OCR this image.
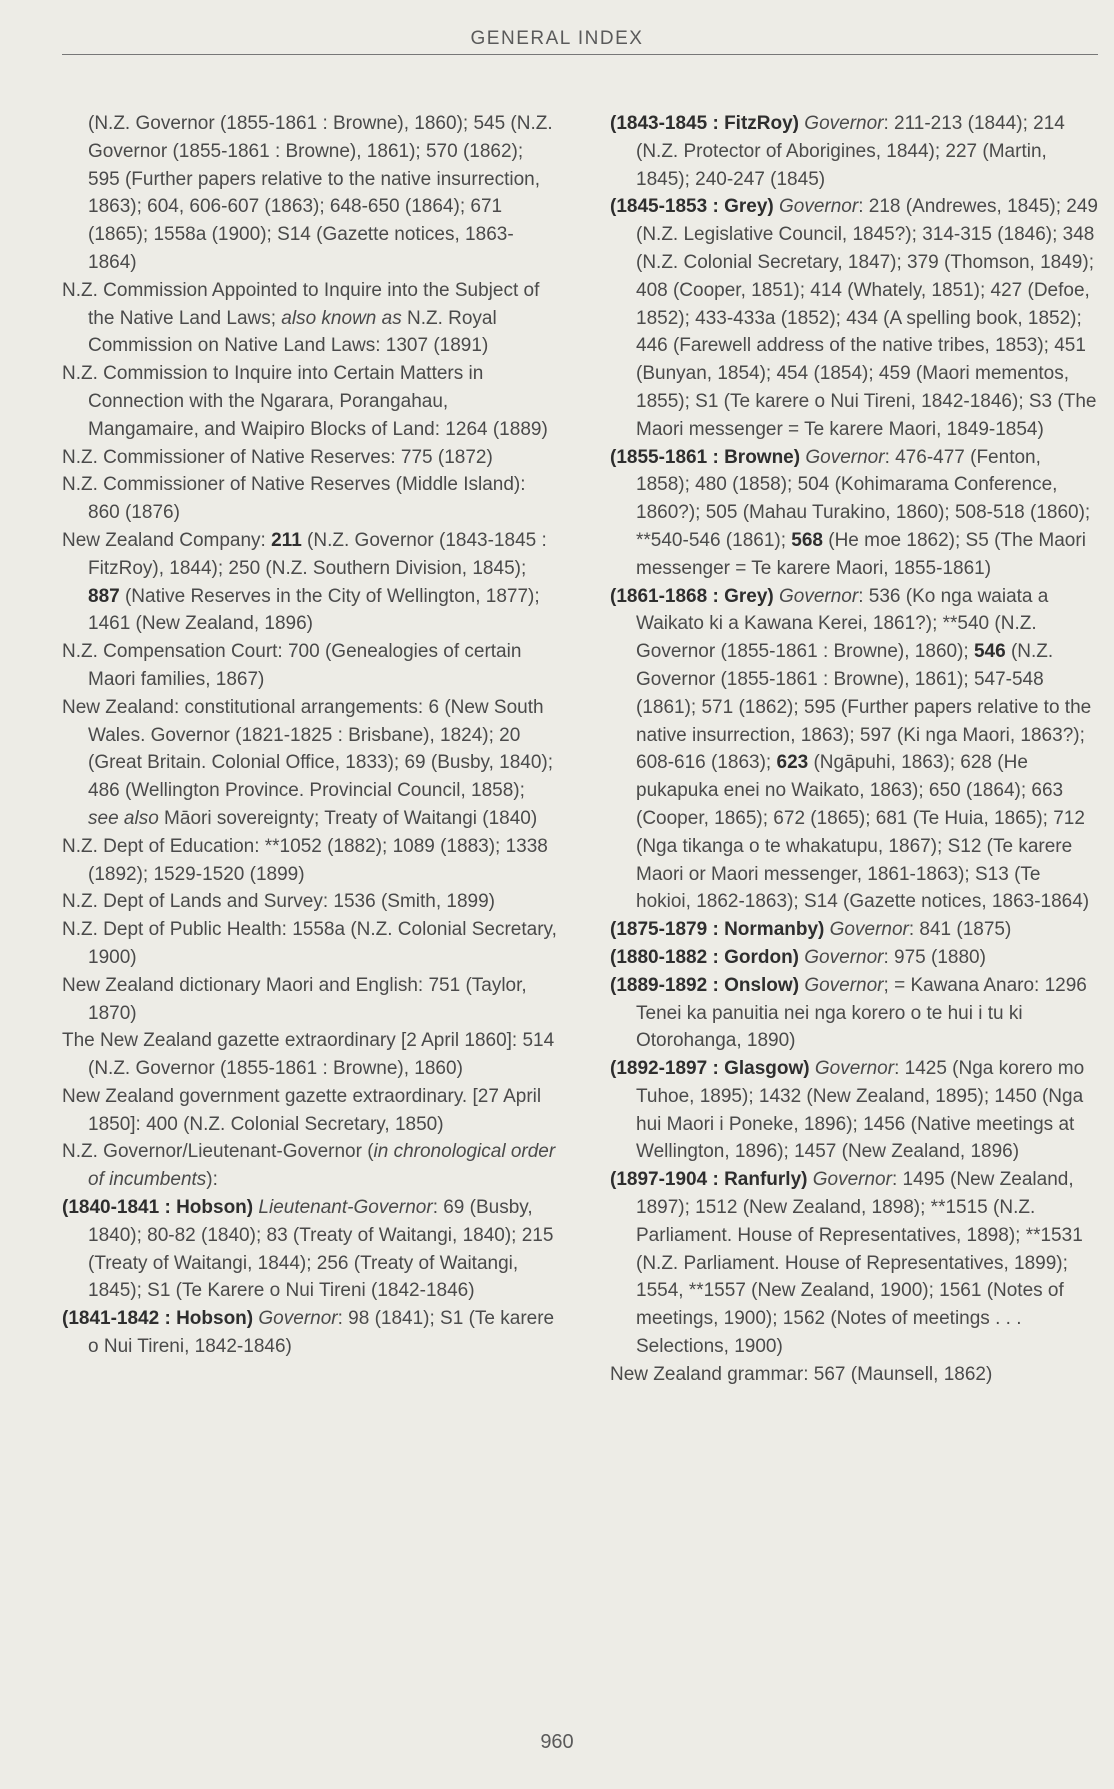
GENERAL INDEX

(N.Z. Governor (1855-1861 : Browne), 1860); 545 (N.Z. Governor (1855-1861 : Browne), 1861); 570 (1862); 595 (Further papers relative to the native insurrection, 1863); 604, 606-607 (1863); 648-650 (1864); 671 (1865); 1558a (1900); S14 (Gazette notices, 1863-1864)

N.Z. Commission Appointed to Inquire into the Subject of the Native Land Laws; also known as N.Z. Royal Commission on Native Land Laws: 1307 (1891)

N.Z. Commission to Inquire into Certain Matters in Connection with the Ngarara, Porangahau, Mangamaire, and Waipiro Blocks of Land: 1264 (1889)

N.Z. Commissioner of Native Reserves: 775 (1872)

N.Z. Commissioner of Native Reserves (Middle Island): 860 (1876)

New Zealand Company: 211 (N.Z. Governor (1843-1845 : FitzRoy), 1844); 250 (N.Z. Southern Division, 1845); 887 (Native Reserves in the City of Wellington, 1877); 1461 (New Zealand, 1896)

N.Z. Compensation Court: 700 (Genealogies of certain Maori families, 1867)

New Zealand: constitutional arrangements: 6 (New South Wales. Governor (1821-1825 : Brisbane), 1824); 20 (Great Britain. Colonial Office, 1833); 69 (Busby, 1840); 486 (Wellington Province. Provincial Council, 1858); see also Māori sovereignty; Treaty of Waitangi (1840)

N.Z. Dept of Education: **1052 (1882); 1089 (1883); 1338 (1892); 1529-1520 (1899)

N.Z. Dept of Lands and Survey: 1536 (Smith, 1899)

N.Z. Dept of Public Health: 1558a (N.Z. Colonial Secretary, 1900)

New Zealand dictionary Maori and English: 751 (Taylor, 1870)

The New Zealand gazette extraordinary [2 April 1860]: 514 (N.Z. Governor (1855-1861 : Browne), 1860)

New Zealand government gazette extraordinary. [27 April 1850]: 400 (N.Z. Colonial Secretary, 1850)

N.Z. Governor/Lieutenant-Governor (in chronological order of incumbents):

(1840-1841 : Hobson) Lieutenant-Governor: 69 (Busby, 1840); 80-82 (1840); 83 (Treaty of Waitangi, 1840); 215 (Treaty of Waitangi, 1844); 256 (Treaty of Waitangi, 1845); S1 (Te Karere o Nui Tireni (1842-1846)

(1841-1842 : Hobson) Governor: 98 (1841); S1 (Te karere o Nui Tireni, 1842-1846)

(1843-1845 : FitzRoy) Governor: 211-213 (1844); 214 (N.Z. Protector of Aborigines, 1844); 227 (Martin, 1845); 240-247 (1845)

(1845-1853 : Grey) Governor: 218 (Andrewes, 1845); 249 (N.Z. Legislative Council, 1845?); 314-315 (1846); 348 (N.Z. Colonial Secretary, 1847); 379 (Thomson, 1849); 408 (Cooper, 1851); 414 (Whately, 1851); 427 (Defoe, 1852); 433-433a (1852); 434 (A spelling book, 1852); 446 (Farewell address of the native tribes, 1853); 451 (Bunyan, 1854); 454 (1854); 459 (Maori mementos, 1855); S1 (Te karere o Nui Tireni, 1842-1846); S3 (The Maori messenger = Te karere Maori, 1849-1854)

(1855-1861 : Browne) Governor: 476-477 (Fenton, 1858); 480 (1858); 504 (Kohimarama Conference, 1860?); 505 (Mahau Turakino, 1860); 508-518 (1860); **540-546 (1861); 568 (He moe 1862); S5 (The Maori messenger = Te karere Maori, 1855-1861)

(1861-1868 : Grey) Governor: 536 (Ko nga waiata a Waikato ki a Kawana Kerei, 1861?); **540 (N.Z. Governor (1855-1861 : Browne), 1860); 546 (N.Z. Governor (1855-1861 : Browne), 1861); 547-548 (1861); 571 (1862); 595 (Further papers relative to the native insurrection, 1863); 597 (Ki nga Maori, 1863?); 608-616 (1863); 623 (Ngāpuhi, 1863); 628 (He pukapuka enei no Waikato, 1863); 650 (1864); 663 (Cooper, 1865); 672 (1865); 681 (Te Huia, 1865); 712 (Nga tikanga o te whakatupu, 1867); S12 (Te karere Maori or Maori messenger, 1861-1863); S13 (Te hokioi, 1862-1863); S14 (Gazette notices, 1863-1864)

(1875-1879 : Normanby) Governor: 841 (1875)

(1880-1882 : Gordon) Governor: 975 (1880)

(1889-1892 : Onslow) Governor; = Kawana Anaro: 1296 Tenei ka panuitia nei nga korero o te hui i tu ki Otorohanga, 1890)

(1892-1897 : Glasgow) Governor: 1425 (Nga korero mo Tuhoe, 1895); 1432 (New Zealand, 1895); 1450 (Nga hui Maori i Poneke, 1896); 1456 (Native meetings at Wellington, 1896); 1457 (New Zealand, 1896)

(1897-1904 : Ranfurly) Governor: 1495 (New Zealand, 1897); 1512 (New Zealand, 1898); **1515 (N.Z. Parliament. House of Representatives, 1898); **1531 (N.Z. Parliament. House of Representatives, 1899); 1554, **1557 (New Zealand, 1900); 1561 (Notes of meetings, 1900); 1562 (Notes of meetings . . . Selections, 1900)

New Zealand grammar: 567 (Maunsell, 1862)

960
